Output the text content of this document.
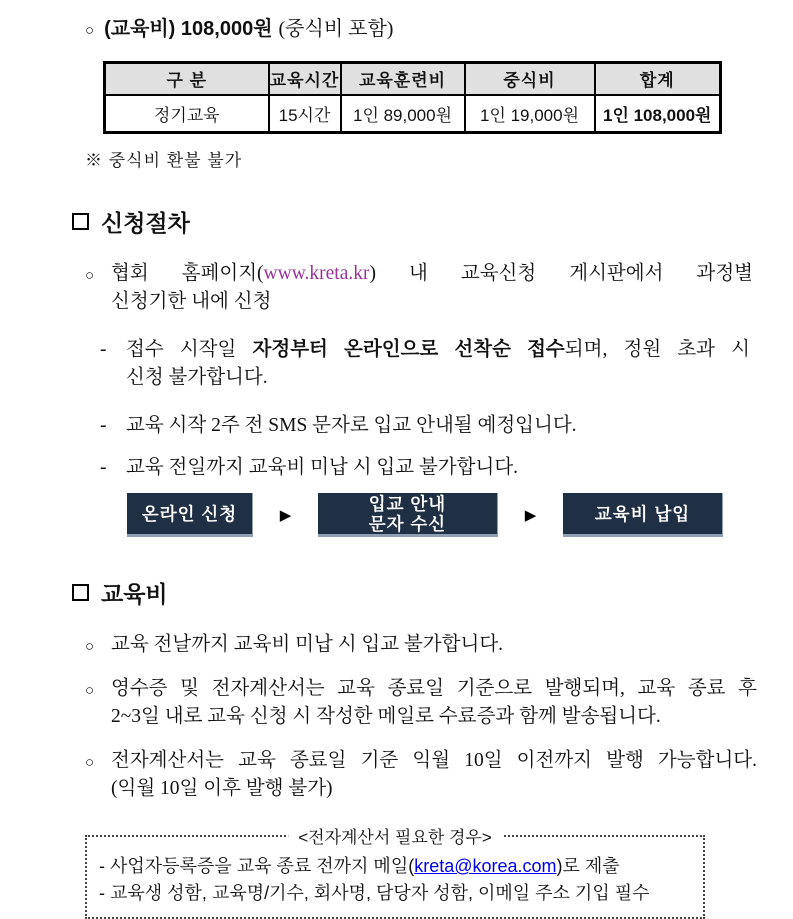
○ (교육비) 108,000원 (중식비 포함)
구 분	교육시간	교육훈련비	중식비	합계
정기교육	15시간	1인 89,000원	1인 19,000원	1인 108,000원
※ 중식비 환불 불가
신청절차
○ 협회 홈페이지(www.kreta.kr) 내 교육신청 게시판에서 과정별
신청기한 내에 신청
-	접수 시작일 자정부터 온라인으로 선착순 접수되며, 정원 초과 시
신청 불가합니다.
-	교육 시작 2주 전 SMS 문자로 입교 안내될 예정입니다.
-	교육 전일까지 교육비 미납 시 입교 불가합니다.
온라인 신청	▶
입교 안내
문자 수신	▶	교육비 납입
교육비
○ 교육 전날까지 교육비 미납 시 입교 불가합니다.
○ 영수증 및 전자계산서는 교육 종료일 기준으로 발행되며, 교육 종료 후
2~3일 내로 교육 신청 시 작성한 메일로 수료증과 함께 발송됩니다.
○ 전자계산서는 교육 종료일 기준 익월 10일 이전까지 발행 가능합니다.
(익월 10일 이후 발행 불가)
<전자계산서 필요한 경우>
- 사업자등록증을 교육 종료 전까지 메일(kreta@korea.com)로 제출
- 교육생 성함, 교육명/기수, 회사명, 담당자 성함, 이메일 주소 기입 필수
